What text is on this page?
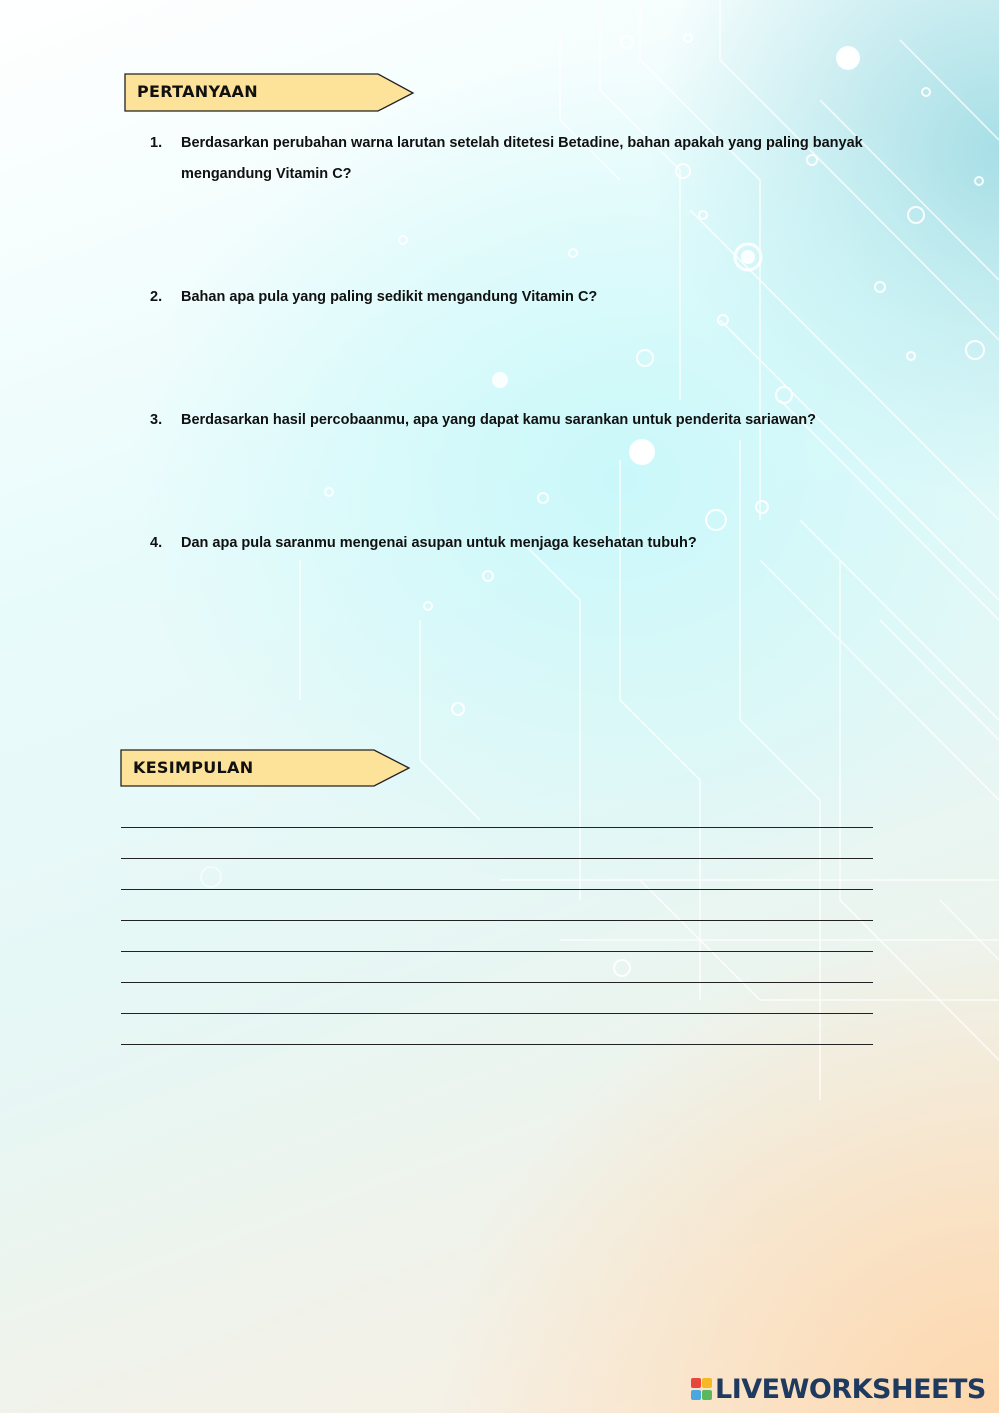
PERTANYAAN
1.	Berdasarkan perubahan warna larutan setelah ditetesi Betadine, bahan apakah yang paling banyak mengandung Vitamin C?
2.	Bahan apa pula yang paling sedikit mengandung Vitamin C?
3.	Berdasarkan hasil percobaanmu, apa yang dapat kamu sarankan untuk penderita sariawan?
4.	Dan apa pula saranmu mengenai asupan untuk menjaga kesehatan tubuh?
KESIMPULAN
LIVEWORKSHEETS
